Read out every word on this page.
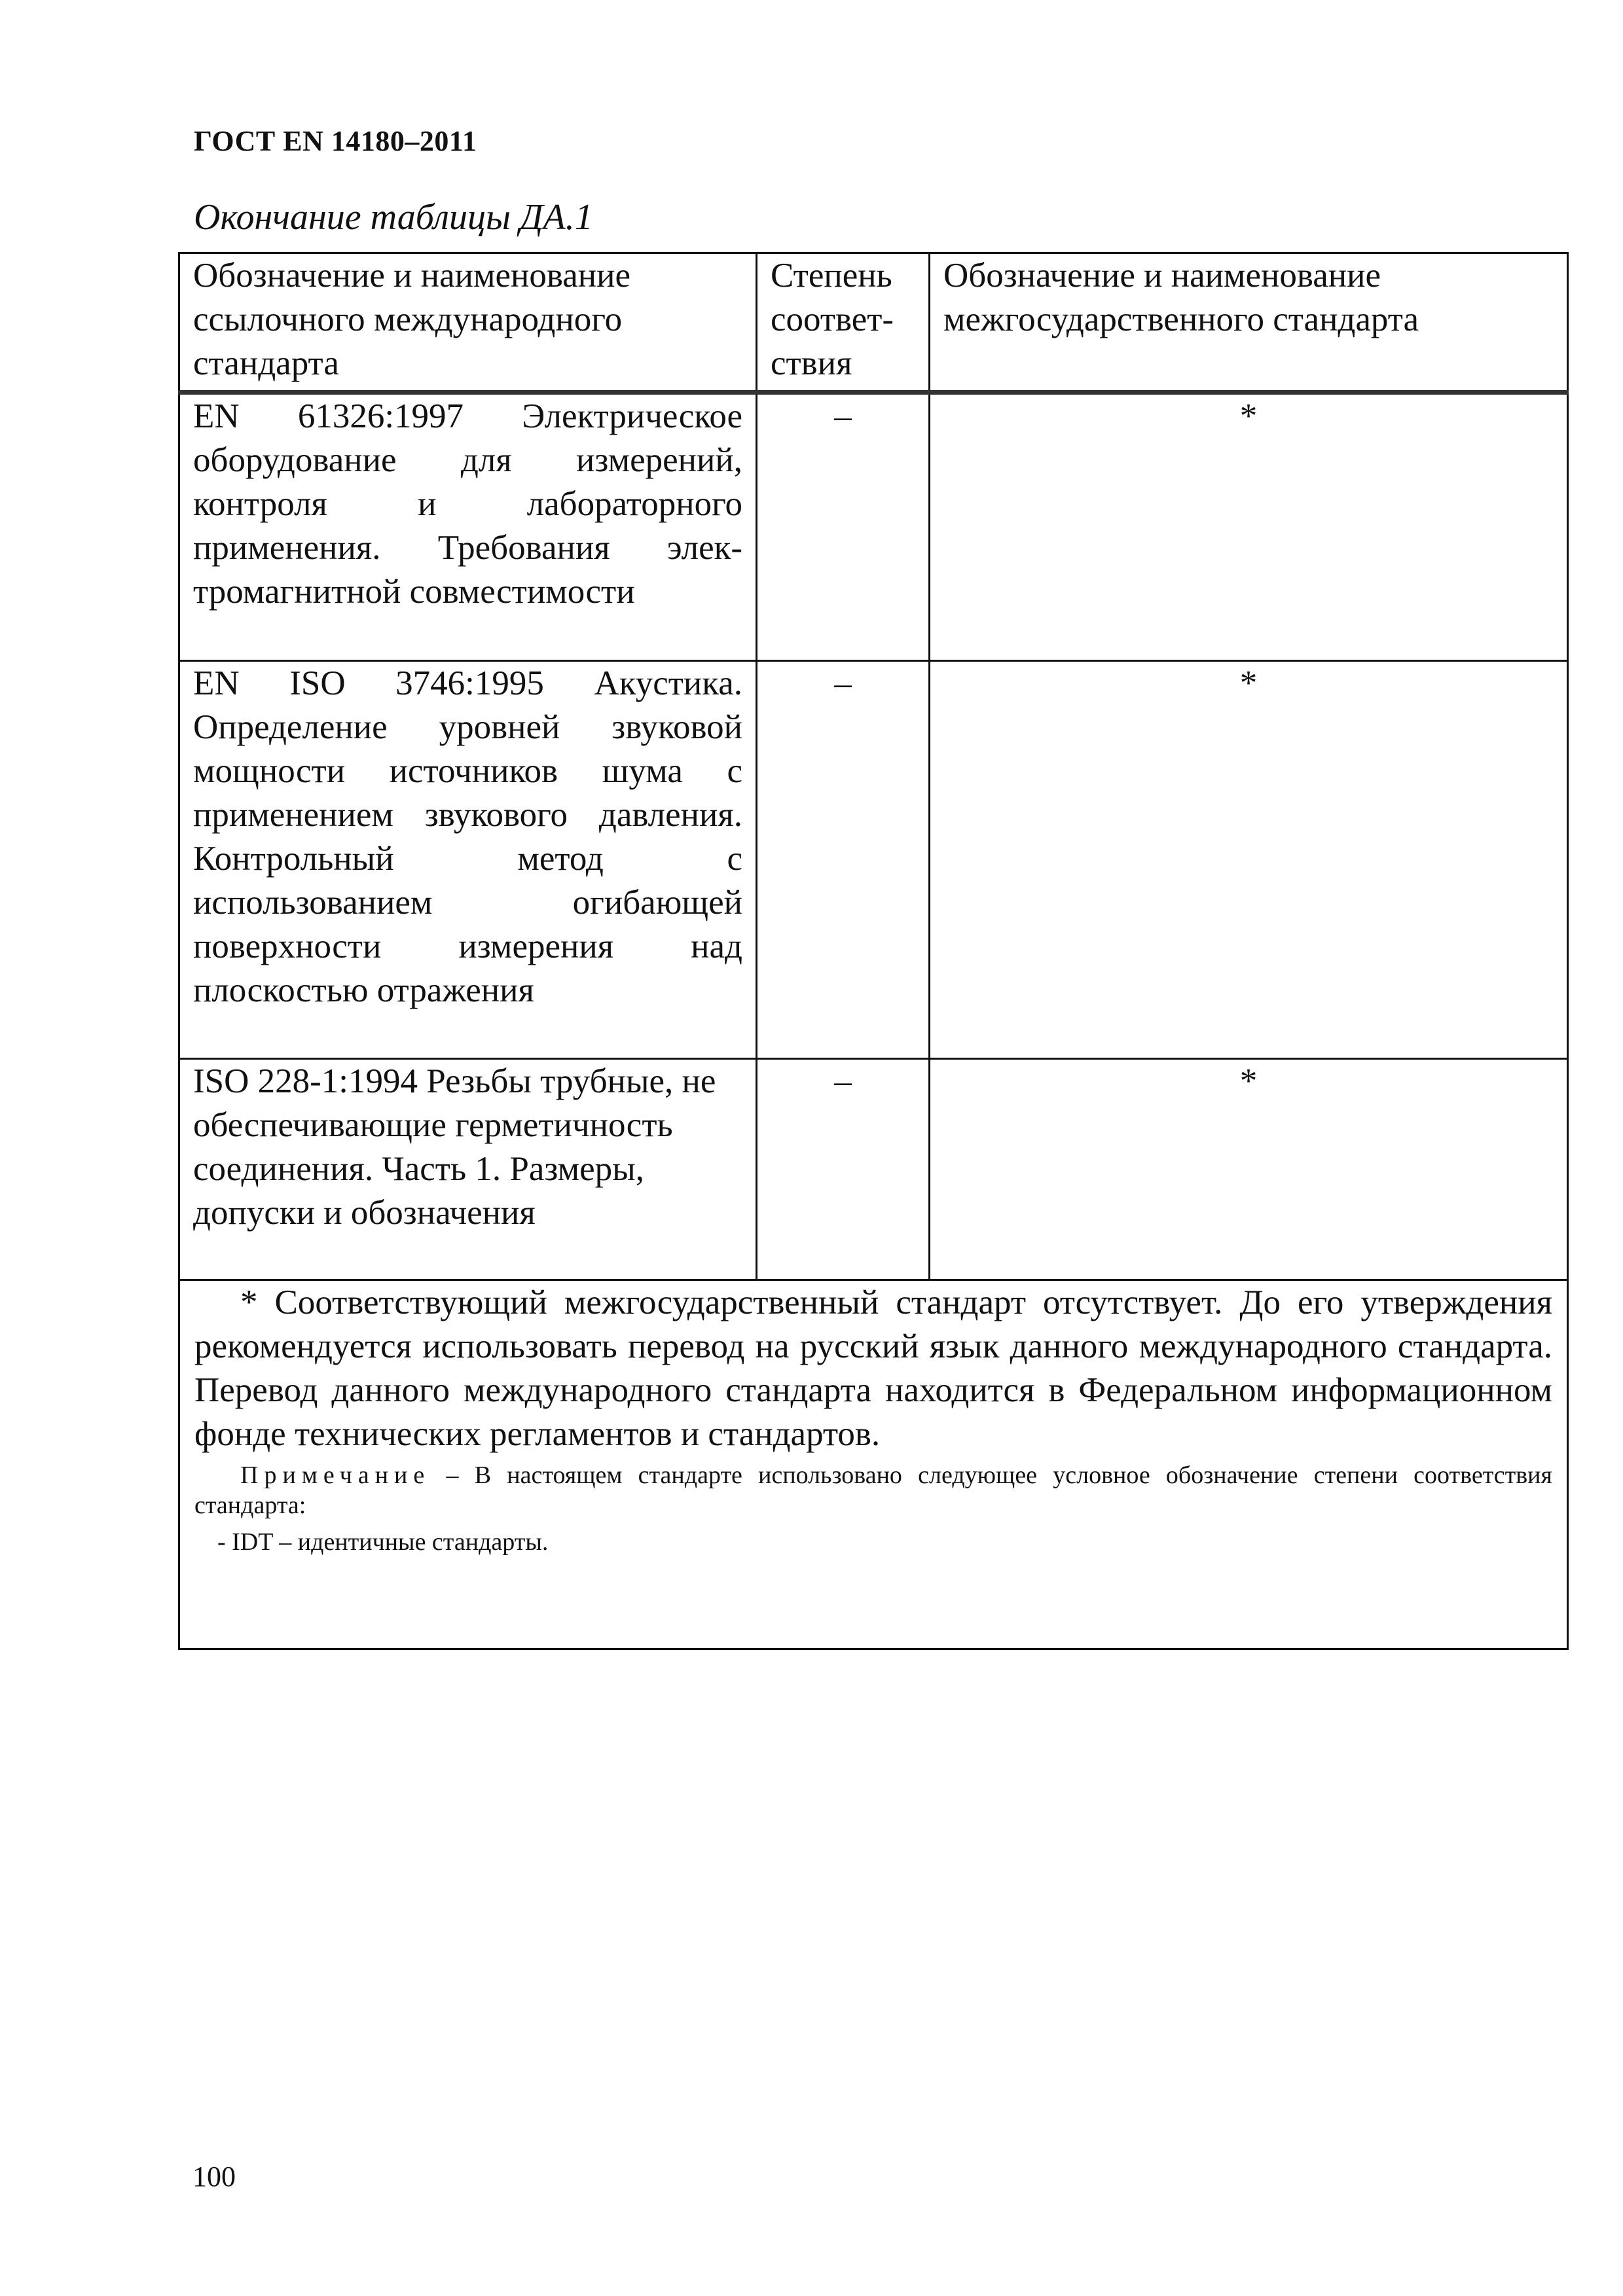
ГОСТ EN 14180–2011
Окончание таблицы ДА.1
Обозначение и наименование ссылочного международного стандарта	Степень соответ-ствия	Обозначение и наименование межгосударственного стандарта
EN 61326:1997 Электрическое оборудование для измерений, контроля и лабораторного применения. Требования элек-тромагнитной совместимости	–	*
EN ISO 3746:1995 Акустика. Определение уровней звуковой мощности источников шума с применением звукового давления. Контрольный метод с использованием огибающей поверхности измерения над плоскостью отражения	–	*
ISO 228-1:1994 Резьбы трубные, не обеспечивающие герметичность соединения. Часть 1. Размеры, допуски и обозначения	–	*

* Соответствующий межгосударственный стандарт отсутствует. До его утверждения рекомендуется использовать перевод на русский язык данного международного стандарта. Перевод данного международного стандарта находится в Федеральном информационном фонде технических регламентов и стандартов.
Примечание – В настоящем стандарте использовано следующее условное обозначение степени соответствия стандарта:
- IDT – идентичные стандарты.		
100
